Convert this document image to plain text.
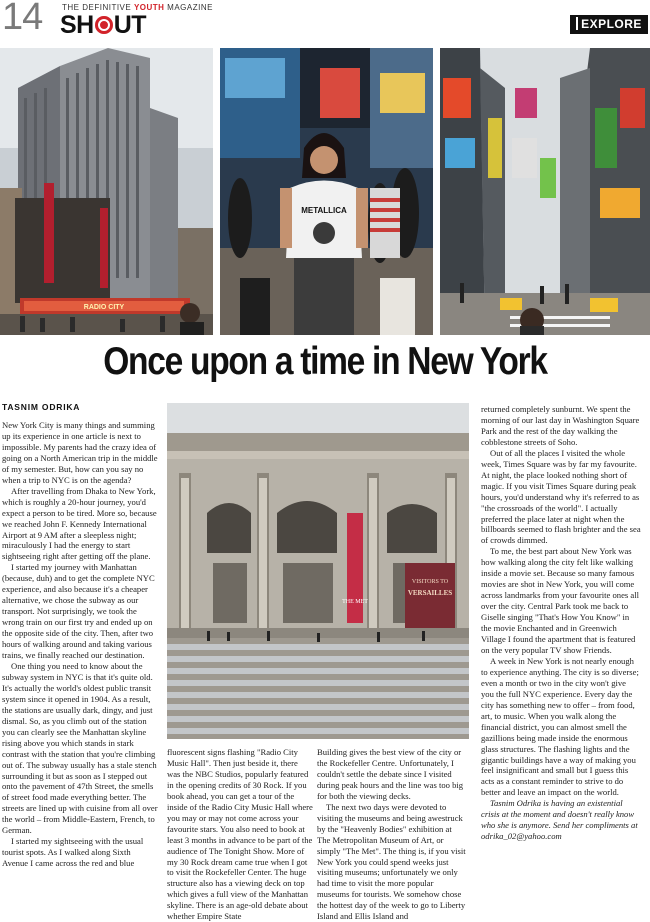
14 THE DEFINITIVE YOUTH MAGAZINE
SH UT	EXPLORE
RADIO CITY
METALLICA
Once upon a time in New York
TASNIM ODRIKA

New York City is many things and summing up its experience in one article is next to impossible. My parents had the crazy idea of going on a North American trip in the middle of my semester. But, how can you say no when a trip to NYC is on the agenda?

After travelling from Dhaka to New York, which is roughly a 20-hour journey, you'd expect a person to be tired. More so, because we reached John F. Kennedy International Airport at 9 AM after a sleepless night; miraculously I had the energy to start sightseeing right after getting off the plane.

I started my journey with Manhattan (because, duh) and to get the complete NYC experience, and also because it's a cheaper alternative, we chose the subway as our transport. Not surprisingly, we took the wrong train on our first try and ended up on the opposite side of the city. Then, after two hours of walking around and taking various trains, we finally reached our destination.

One thing you need to know about the subway system in NYC is that it's quite old. It's actually the world's oldest public transit system since it opened in 1904. As a result, the stations are usually dark, dingy, and just dismal. So, as you climb out of the station you can clearly see the Manhattan skyline rising above you which stands in stark contrast with the station that you're climbing out of. The subway usually has a stale stench surrounding it but as soon as I stepped out onto the pavement of 47th Street, the smells of street food made everything better. The streets are lined up with cuisine from all over the world – from Middle-Eastern, French, to German.

I started my sightseeing with the usual tourist spots. As I walked along Sixth Avenue I came across the red and blue

THE MET
VISITORS TO
VERSAILLES

fluorescent signs flashing "Radio City Music Hall". Then just beside it, there was the NBC Studios, popularly featured in the opening credits of 30 Rock. If you book ahead, you can get a tour of the inside of the Radio City Music Hall where you may or may not come across your favourite stars. You also need to book at least 3 months in advance to be part of the audience of The Tonight Show. More of my 30 Rock dream came true when I got to visit the Rockefeller Center. The huge structure also has a viewing deck on top which gives a full view of the Manhattan skyline. There is an age-old debate about whether Empire State

Building gives the best view of the city or the Rockefeller Centre. Unfortunately, I couldn't settle the debate since I visited during peak hours and the line was too big for both the viewing decks.

The next two days were devoted to visiting the museums and being awestruck by the "Heavenly Bodies" exhibition at The Metropolitan Museum of Art, or simply "The Met". The thing is, if you visit New York you could spend weeks just visiting museums; unfortunately we only had time to visit the more popular museums for tourists. We somehow chose the hottest day of the week to go to Liberty Island and Ellis Island and

returned completely sunburnt. We spent the morning of our last day in Washington Square Park and the rest of the day walking the cobblestone streets of Soho.

Out of all the places I visited the whole week, Times Square was by far my favourite. At night, the place looked nothing short of magic. If you visit Times Square during peak hours, you'd understand why it's referred to as "the crossroads of the world". I actually preferred the place later at night when the billboards seemed to flash brighter and the sea of crowds dimmed.

To me, the best part about New York was how walking along the city felt like walking inside a movie set. Because so many famous movies are shot in New York, you will come across landmarks from your favourite ones all over the city. Central Park took me back to Giselle singing "That's How You Know" in the movie Enchanted and in Greenwich Village I found the apartment that is featured on the very popular TV show Friends.

A week in New York is not nearly enough to experience anything. The city is so diverse; even a month or two in the city won't give you the full NYC experience. Every day the city has something new to offer – from food, art, to music. When you walk along the financial district, you can almost smell the gazillions being made inside the enormous glass structures. The flashing lights and the gigantic buildings have a way of making you feel insignificant and small but I guess this acts as a constant reminder to strive to do better and leave an impact on the world.

Tasnim Odrika is having an existential crisis at the moment and doesn't really know who she is anymore. Send her compliments at odrika_02@yahoo.com
